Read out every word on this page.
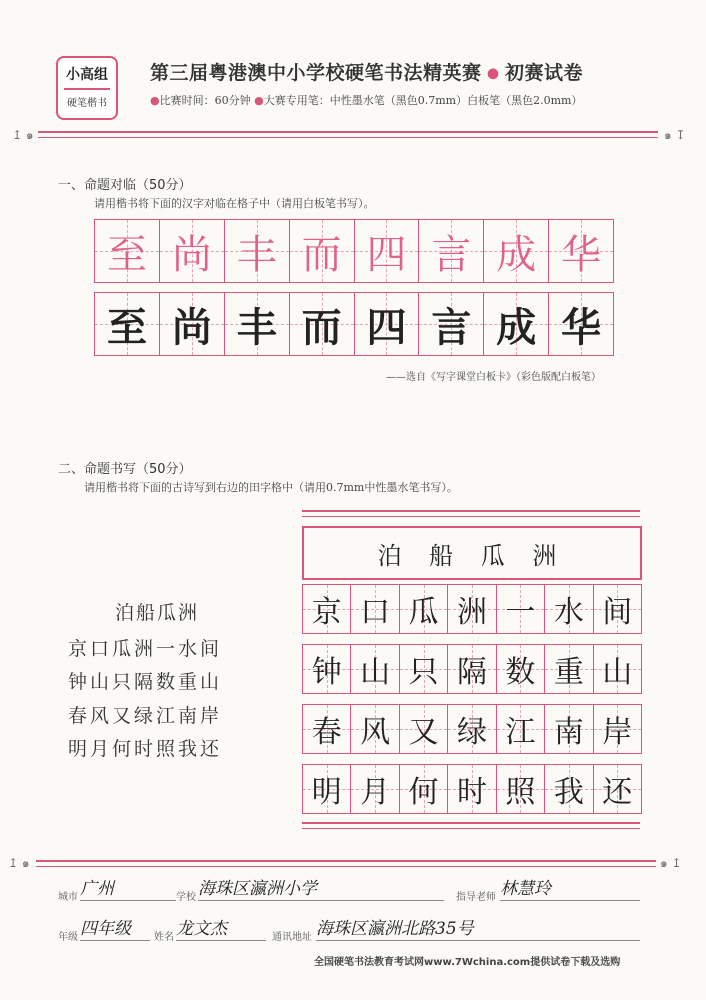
小高组
硬笔楷书
第三届粤港澳中小学校硬笔书法精英赛 ● 初赛试卷
●比赛时间：60分钟 ●大赛专用笔：中性墨水笔（黑色0.7mm）白板笔（黑色2.0mm）
↥ ๑	๑ ↧
一、命题对临（50分）
请用楷书将下面的汉字对临在格子中（请用白板笔书写）。
至 尚 丰 而 四 言 成 华
至 尚 丰 而 四 言 成 华
——选自《写字课堂白板卡》（彩色版配白板笔）
二、命题书写（50分）
请用楷书将下面的古诗写到右边的田字格中（请用0.7mm中性墨水笔书写）。
泊船瓜洲
京口瓜洲一水间
钟山只隔数重山
春风又绿江南岸
明月何时照我还
泊 船 瓜 洲
京 口 瓜 洲 一 水 间
钟 山 只 隔 数 重 山
春 风 又 绿 江 南 岸
明 月 何 时 照 我 还
↥ ๑	๑ ↥
城市 广州	学校 海珠区瀛洲小学	指导老师 林慧玲
年级 四年级	姓名 龙文杰	通讯地址 海珠区瀛洲北路35号
全国硬笔书法教育考试网www.7Wchina.com提供试卷下载及选购
